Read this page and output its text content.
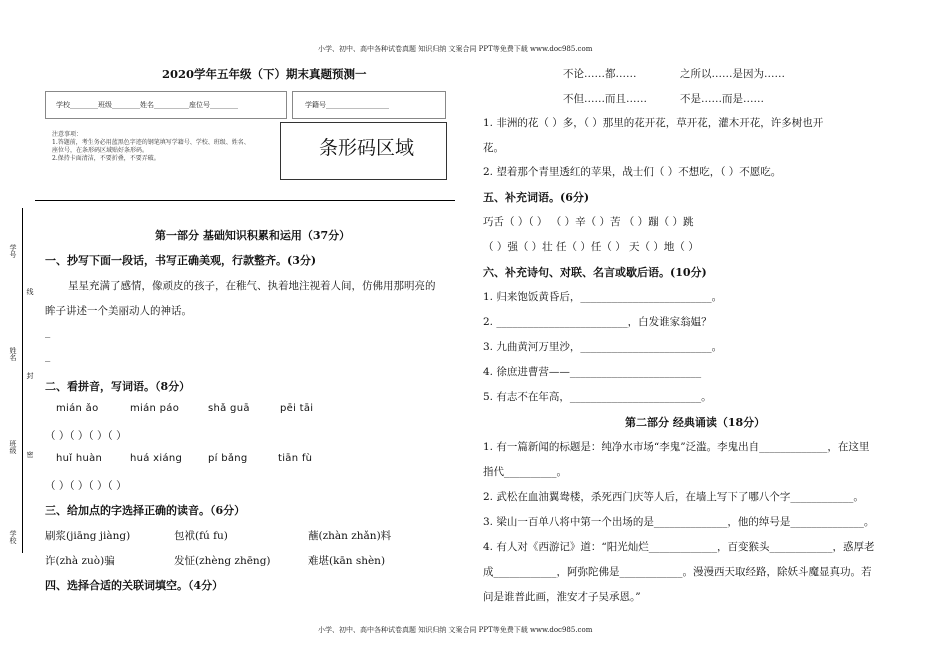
小学、初中、高中各种试卷真题 知识归纳 文案合同 PPT等免费下载 www.doc985.com
小学、初中、高中各种试卷真题 知识归纳 文案合同 PPT等免费下载 www.doc985.com
2020学年五年级（下）期末真题预测一
学校________班级________姓名__________座位号________	学籍号__________________
注意事项：
1.答题前，考生务必用蓝黑色字迹的钢笔填写学籍号、学校、班级、姓名、
座位号，在条形码区域贴好条形码。
2.保持卡面清洁，不要折叠，不要弄破。	条形码区域
学号
线
姓名
封
班级
密
学校
第一部分 基础知识积累和运用（37分）
一、抄写下面一段话，书写正确美观，行款整齐。(3分)
星星充满了感情，像顽皮的孩子，在稚气、执着地注视着人间，仿佛用那明亮的
眸子讲述一个美丽动人的神话。
_
_
二、看拼音，写词语。（8分）
mián ǎo	mián páo	shǎ guā	pēi tāi
（ ）（ ）（ ）（ ）
huǐ huàn	huá xiáng	pí bǎng	tiān fù
（ ）（ ）（ ）（ ）
三、给加点的字选择正确的读音。（6分）
刷浆(jiāng jiàng)	包袱(fú fu)	蘸(zhàn zhǎn)料
诈(zhà zuò)骗	发怔(zhèng zhēng)	难堪(kān shèn)
四、选择合适的关联词填空。（4分）
不论……都……	之所以……是因为……
不但……而且……	不是……而是……
1. 非洲的花（ ）多，（ ）那里的花开花，草开花，灌木开花，许多树也开
花。
2. 望着那个青里透红的苹果，战士们（ ）不想吃，（ ）不愿吃。
五、补充词语。(6分)
巧舌（ ）（ ） （ ）辛（ ）苦 （ ）蹦（ ）跳
（ ）强（ ）壮 任（ ）任（ ） 天（ ）地（ ）
六、补充诗句、对联、名言或歇后语。(10分)
1. 归来饱饭黄昏后，_________________________。
2. _________________________，白发谁家翁媪？
3. 九曲黄河万里沙，_________________________。
4. 徐庶进曹营——_________________________
5. 有志不在年高，_________________________。
第二部分 经典诵读（18分）
1. 有一篇新闻的标题是：纯净水市场“李鬼”泛滥。李鬼出自_____________，在这里
指代__________。
2. 武松在血油翼鸯楼，杀死西门庆等人后，在墙上写下了哪八个字____________。
3. 梁山一百单八将中第一个出场的是______________，他的绰号是______________。
4. 有人对《西游记》道：“阳光灿烂_____________，百变猴头____________，惑厚老
成____________，阿弥陀佛是____________。漫漫西天取经路，除妖斗魔显真功。若
问是谁普此画，淮安才子吴承恩。”
